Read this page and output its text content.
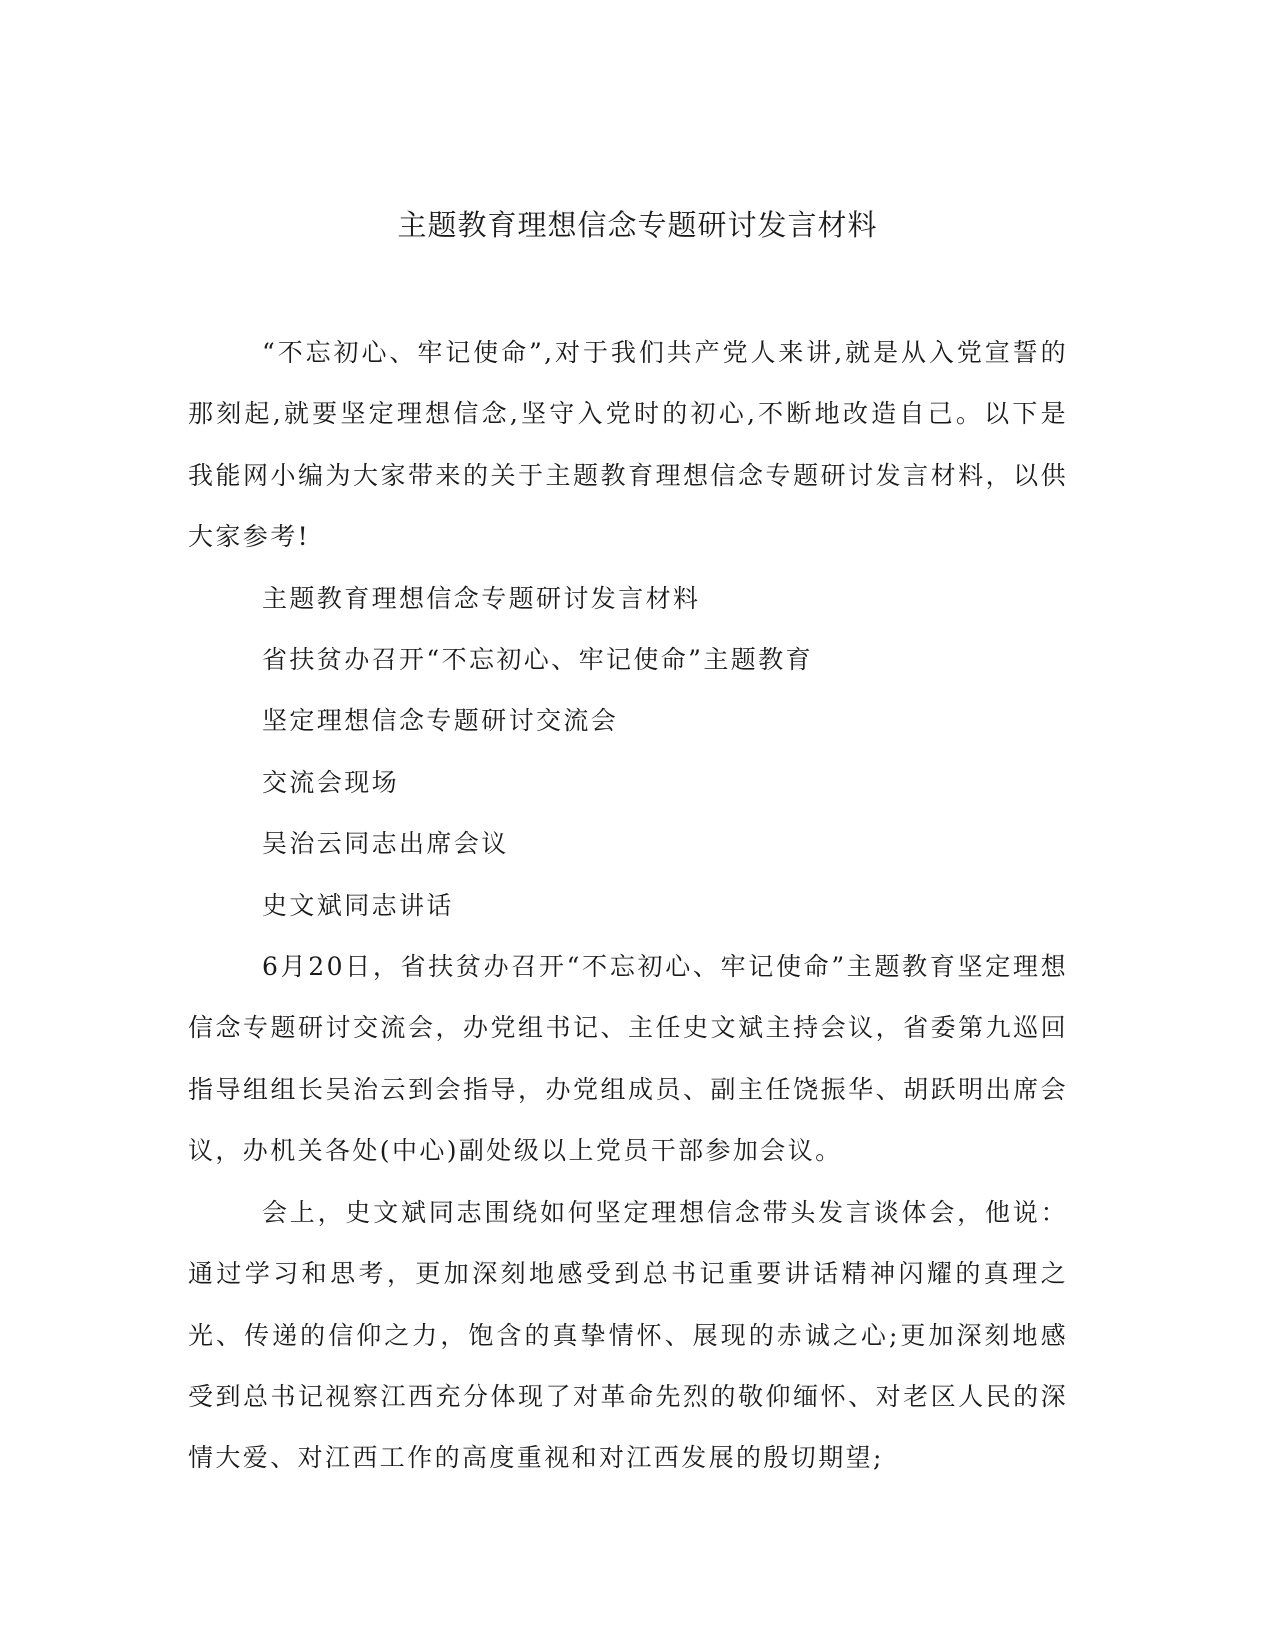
主题教育理想信念专题研讨发言材料

“不忘初心、牢记使命”,对于我们共产党人来讲,就是从入党宣誓的那刻起,就要坚定理想信念,坚守入党时的初心,不断地改造自己。以下是我能网小编为大家带来的关于主题教育理想信念专题研讨发言材料，以供大家参考!

主题教育理想信念专题研讨发言材料

省扶贫办召开“不忘初心、牢记使命”主题教育

坚定理想信念专题研讨交流会

交流会现场

吴治云同志出席会议

史文斌同志讲话

6月20日，省扶贫办召开“不忘初心、牢记使命”主题教育坚定理想信念专题研讨交流会，办党组书记、主任史文斌主持会议，省委第九巡回指导组组长吴治云到会指导，办党组成员、副主任饶振华、胡跃明出席会议，办机关各处(中心)副处级以上党员干部参加会议。

会上，史文斌同志围绕如何坚定理想信念带头发言谈体会，他说：通过学习和思考，更加深刻地感受到总书记重要讲话精神闪耀的真理之光、传递的信仰之力，饱含的真挚情怀、展现的赤诚之心;更加深刻地感受到总书记视察江西充分体现了对革命先烈的敬仰缅怀、对老区人民的深情大爱、对江西工作的高度重视和对江西发展的殷切期望;
